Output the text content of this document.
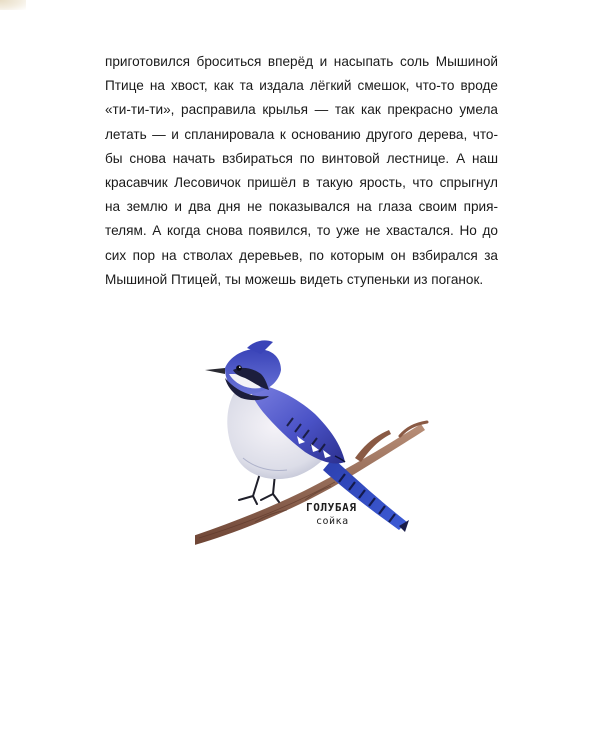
приготовился броситься вперёд и насыпать соль Мышиной
Птице на хвост, как та издала лёгкий смешок, что-то вроде
«ти-ти-ти», расправила крылья — так как прекрасно умела
летать — и спланировала к основанию другого дерева, что-
бы снова начать взбираться по винтовой лестнице. А наш
красавчик Лесовичок пришёл в такую ярость, что спрыгнул
на землю и два дня не показывался на глаза своим прия-
телям. А когда снова появился, то уже не хвастался. Но до
сих пор на стволах деревьев, по которым он взбирался за
Мышиной Птицей, ты можешь видеть ступеньки из поганок.
ГОЛУБАЯ
сойка
